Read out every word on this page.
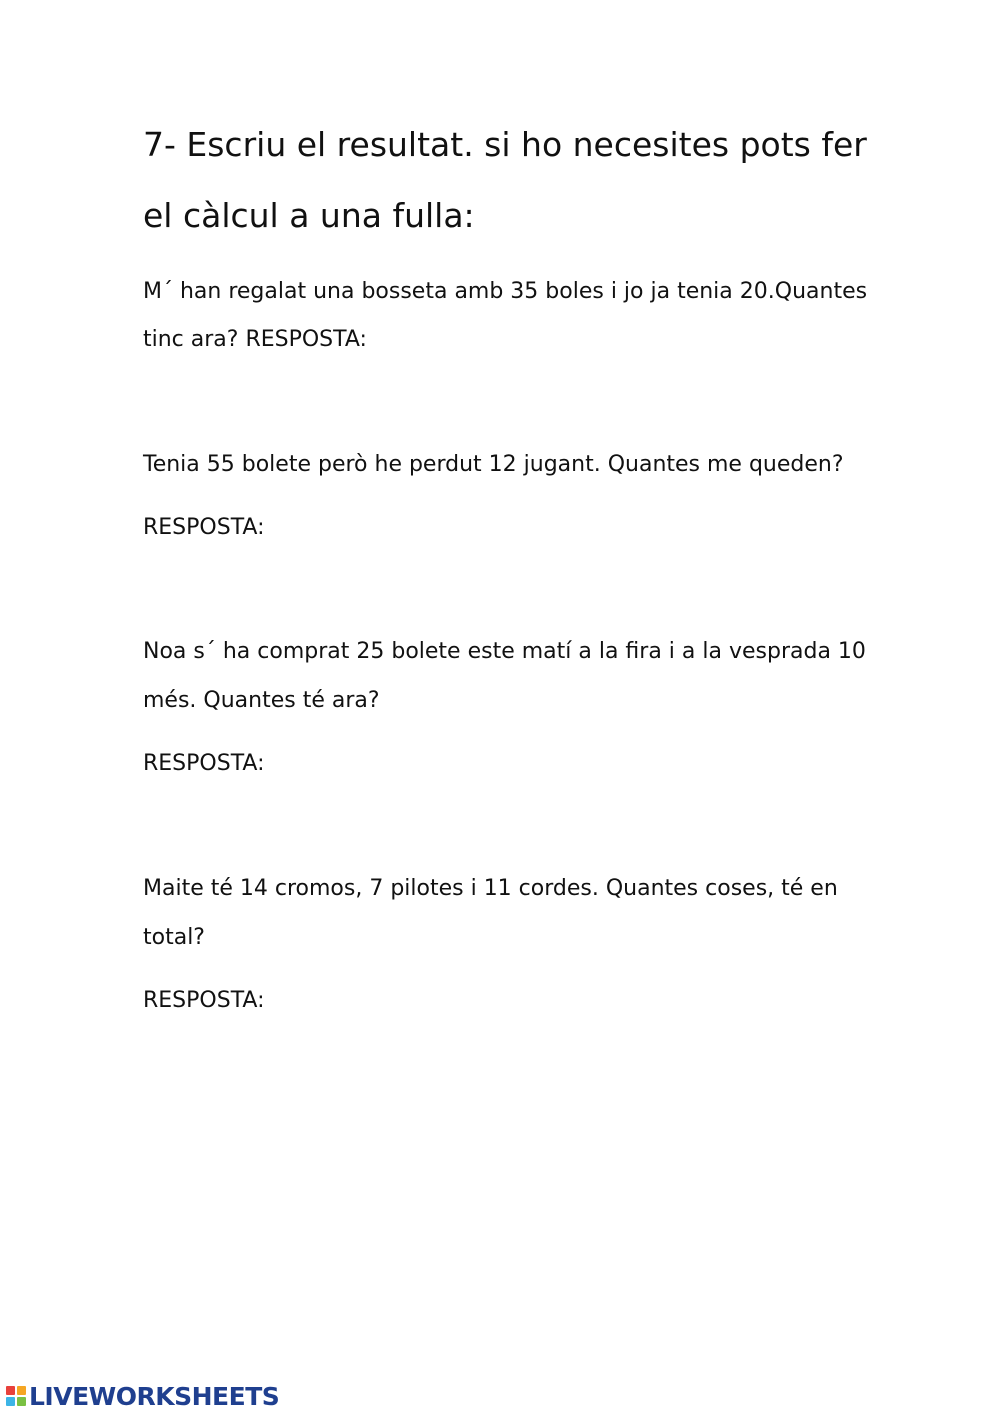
7- Escriu el resultat. si ho necesites pots fer
el càlcul a una fulla:
M´ han regalat una bosseta amb 35 boles i jo ja tenia 20.Quantes
tinc ara? RESPOSTA:
Tenia 55 bolete però he perdut 12 jugant. Quantes me queden?
RESPOSTA:
Noa s´ ha comprat 25 bolete este matí a la fira i a la vesprada 10
més. Quantes té ara?
RESPOSTA:
Maite té 14 cromos, 7 pilotes i 11 cordes. Quantes coses, té en
total?
RESPOSTA:
LIVEWORKSHEETS
